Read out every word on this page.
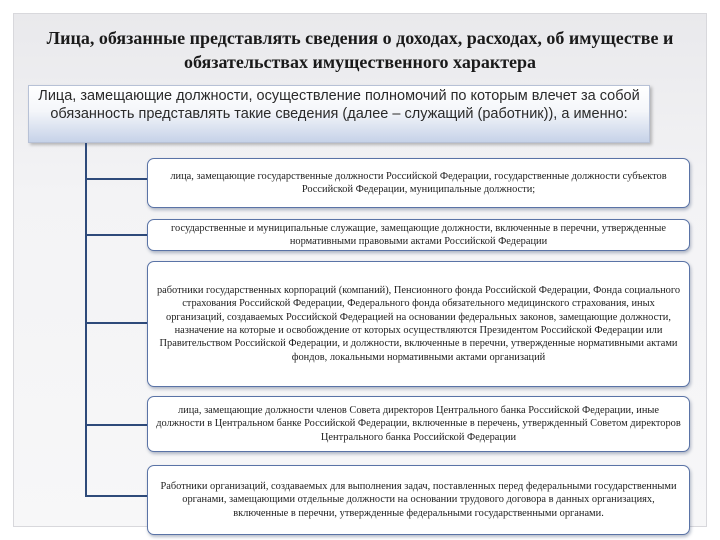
Лица, обязанные представлять сведения о доходах, расходах, об имуществе и обязательствах имущественного характера
Лица, замещающие должности, осуществление полномочий по которым влечет за собой обязанность представлять такие сведения (далее – служащий (работник)), а именно:
лица, замещающие государственные должности Российской Федерации, государственные должности субъектов Российской Федерации, муниципальные должности;
государственные и муниципальные служащие, замещающие должности, включенные в перечни, утвержденные нормативными правовыми актами Российской Федерации
работники государственных корпораций (компаний), Пенсионного фонда Российской Федерации, Фонда социального страхования Российской Федерации, Федерального фонда обязательного медицинского страхования, иных организаций, создаваемых Российской Федерацией на основании федеральных законов, замещающие должности, назначение на которые и освобождение от которых осуществляются Президентом Российской Федерации или Правительством Российской Федерации, и должности, включенные в перечни, утвержденные нормативными актами фондов, локальными нормативными актами организаций
лица, замещающие должности членов Совета директоров Центрального банка Российской Федерации, иные должности в Центральном банке Российской Федерации, включенные в перечень, утвержденный Советом директоров Центрального банка Российской Федерации
Работники организаций, создаваемых для выполнения задач, поставленных перед федеральными государственными органами, замещающими отдельные должности на основании трудового договора в данных организациях, включенные в перечни, утвержденные федеральными государственными органами.
